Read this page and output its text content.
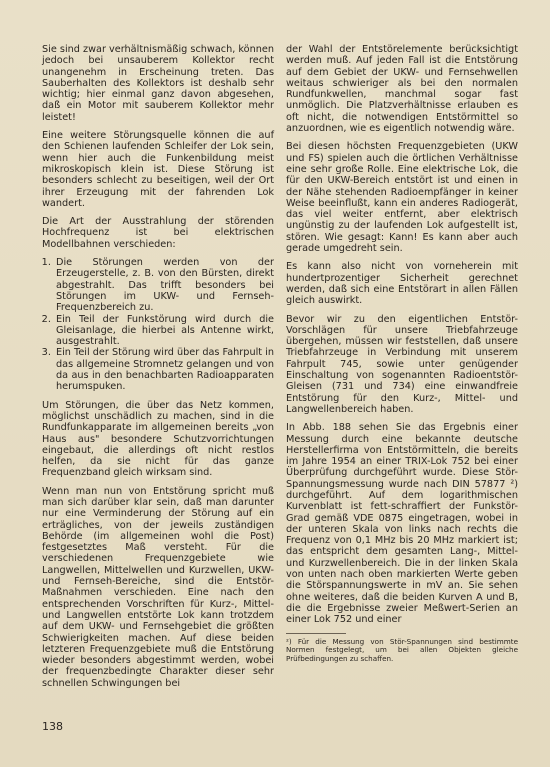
Sie sind zwar verhältnismäßig schwach, können jedoch bei unsauberem Kollektor recht unangenehm in Erscheinung treten. Das Sauberhalten des Kollektors ist deshalb sehr wichtig; hier einmal ganz davon abgesehen, daß ein Motor mit sauberem Kollektor mehr leistet!

Eine weitere Störungsquelle können die auf den Schienen laufenden Schleifer der Lok sein, wenn hier auch die Funkenbildung meist mikroskopisch klein ist. Diese Störung ist besonders schlecht zu beseitigen, weil der Ort ihrer Erzeugung mit der fahrenden Lok wandert.

Die Art der Ausstrahlung der störenden Hochfrequenz ist bei elektrischen Modellbahnen verschieden:

1. Die Störungen werden von der Erzeugerstelle, z. B. von den Bürsten, direkt abgestrahlt. Das trifft besonders bei Störungen im UKW- und Fernseh-Frequenzbereich zu.
2. Ein Teil der Funkstörung wird durch die Gleisanlage, die hierbei als Antenne wirkt, ausgestrahlt.
3. Ein Teil der Störung wird über das Fahrpult in das allgemeine Stromnetz gelangen und von da aus in den benachbarten Radioapparaten herumspuken.

Um Störungen, die über das Netz kommen, möglichst unschädlich zu machen, sind in die Rundfunkapparate im allgemeinen bereits „von Haus aus" besondere Schutzvorrichtungen eingebaut, die allerdings oft nicht restlos helfen, da sie nicht für das ganze Frequenzband gleich wirksam sind.

Wenn man nun von Entstörung spricht muß man sich darüber klar sein, daß man darunter nur eine Verminderung der Störung auf ein erträgliches, von der jeweils zuständigen Behörde (im allgemeinen wohl die Post) festgesetztes Maß versteht. Für die verschiedenen Frequenzgebiete wie Langwellen, Mittelwellen und Kurzwellen, UKW- und Fernseh-Bereiche, sind die Entstör-Maßnahmen verschieden. Eine nach den entsprechenden Vorschriften für Kurz-, Mittel- und Langwellen entstörte Lok kann trotzdem auf dem UKW- und Fernsehgebiet die größten Schwierigkeiten machen. Auf diese beiden letzteren Frequenzgebiete muß die Entstörung wieder besonders abgestimmt werden, wobei der frequenzbedingte Charakter dieser sehr schnellen Schwingungen bei

der Wahl der Entstörelemente berücksichtigt werden muß. Auf jeden Fall ist die Entstörung auf dem Gebiet der UKW- und Fernsehwellen weitaus schwieriger als bei den normalen Rundfunkwellen, manchmal sogar fast unmöglich. Die Platzverhältnisse erlauben es oft nicht, die notwendigen Entstörmittel so anzuordnen, wie es eigentlich notwendig wäre.

Bei diesen höchsten Frequenzgebieten (UKW und FS) spielen auch die örtlichen Verhältnisse eine sehr große Rolle. Eine elektrische Lok, die für den UKW-Bereich entstört ist und einen in der Nähe stehenden Radioempfänger in keiner Weise beeinflußt, kann ein anderes Radiogerät, das viel weiter entfernt, aber elektrisch ungünstig zu der laufenden Lok aufgestellt ist, stören. Wie gesagt: Kann! Es kann aber auch gerade umgedreht sein.

Es kann also nicht von vorneherein mit hundertprozentiger Sicherheit gerechnet werden, daß sich eine Entstörart in allen Fällen gleich auswirkt.

Bevor wir zu den eigentlichen Entstör-Vorschlägen für unsere Triebfahrzeuge übergehen, müssen wir feststellen, daß unsere Triebfahrzeuge in Verbindung mit unserem Fahrpult 745, sowie unter genügender Einschaltung von sogenannten Radioentstör-Gleisen (731 und 734) eine einwandfreie Entstörung für den Kurz-, Mittel- und Langwellenbereich haben.

In Abb. 188 sehen Sie das Ergebnis einer Messung durch eine bekannte deutsche Herstellerfirma von Entstörmitteln, die bereits im Jahre 1954 an einer TRIX-Lok 752 bei einer Überprüfung durchgeführt wurde. Diese Stör-Spannungsmessung wurde nach DIN 57877 ²) durchgeführt. Auf dem logarithmischen Kurvenblatt ist fett-schraffiert der Funkstör-Grad gemäß VDE 0875 eingetragen, wobei in der unteren Skala von links nach rechts die Frequenz von 0,1 MHz bis 20 MHz markiert ist; das entspricht dem gesamten Lang-, Mittel- und Kurzwellenbereich. Die in der linken Skala von unten nach oben markierten Werte geben die Störspannungswerte in mV an. Sie sehen ohne weiteres, daß die beiden Kurven A und B, die die Ergebnisse zweier Meßwert-Serien an einer Lok 752 und einer

²) Für die Messung von Stör-Spannungen sind bestimmte Normen festgelegt, um bei allen Objekten gleiche Prüfbedingungen zu schaffen.

138
